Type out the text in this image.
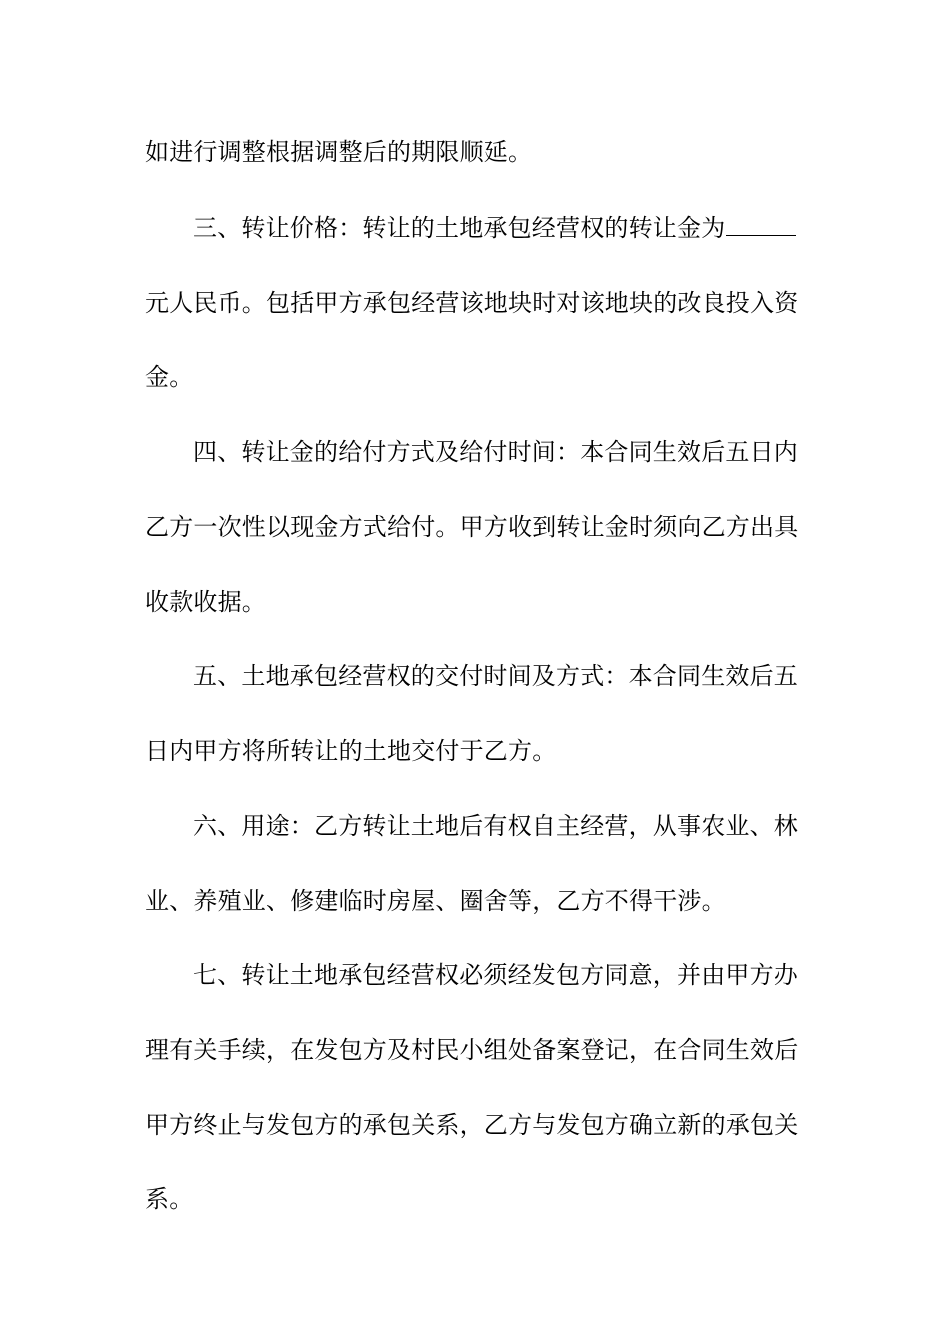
如进行调整根据调整后的期限顺延。
三、转让价格：转让的土地承包经营权的转让金为
元人民币。包括甲方承包经营该地块时对该地块的改良投入资
金。
四、转让金的给付方式及给付时间：本合同生效后五日内
乙方一次性以现金方式给付。甲方收到转让金时须向乙方出具
收款收据。
五、土地承包经营权的交付时间及方式：本合同生效后五
日内甲方将所转让的土地交付于乙方。
六、用途：乙方转让土地后有权自主经营，从事农业、林
业、养殖业、修建临时房屋、圈舍等，乙方不得干涉。
七、转让土地承包经营权必须经发包方同意，并由甲方办
理有关手续，在发包方及村民小组处备案登记，在合同生效后
甲方终止与发包方的承包关系，乙方与发包方确立新的承包关
系。
